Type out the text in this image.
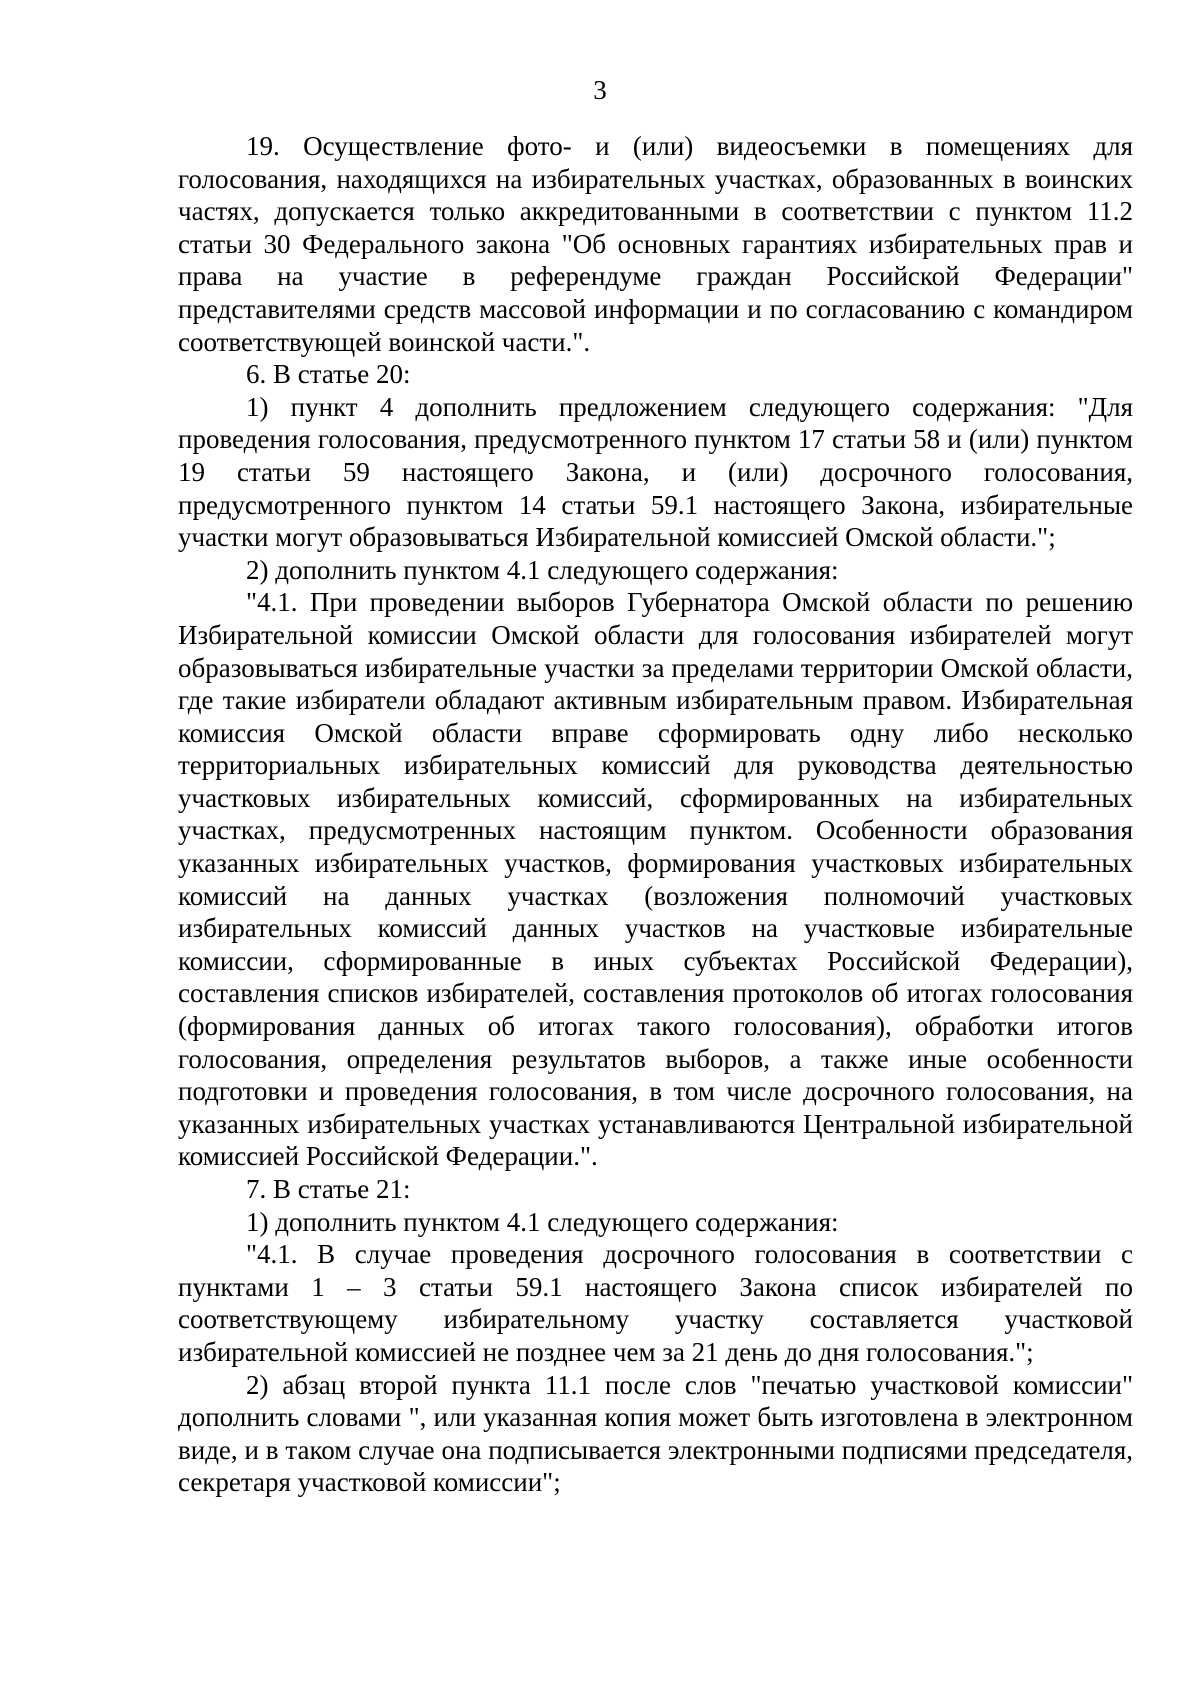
3

19. Осуществление фото- и (или) видеосъемки в помещениях для голосования, находящихся на избирательных участках, образованных в воинских частях, допускается только аккредитованными в соответствии с пунктом 11.2 статьи 30 Федерального закона "Об основных гарантиях избирательных прав и права на участие в референдуме граждан Российской Федерации" представителями средств массовой информации и по согласованию с командиром соответствующей воинской части.".

6. В статье 20:

1) пункт 4 дополнить предложением следующего содержания: "Для проведения голосования, предусмотренного пунктом 17 статьи 58 и (или) пунктом 19 статьи 59 настоящего Закона, и (или) досрочного голосования, предусмотренного пунктом 14 статьи 59.1 настоящего Закона, избирательные участки могут образовываться Избирательной комиссией Омской области.";

2) дополнить пунктом 4.1 следующего содержания:

"4.1. При проведении выборов Губернатора Омской области по решению Избирательной комиссии Омской области для голосования избирателей могут образовываться избирательные участки за пределами территории Омской области, где такие избиратели обладают активным избирательным правом. Избирательная комиссия Омской области вправе сформировать одну либо несколько территориальных избирательных комиссий для руководства деятельностью участковых избирательных комиссий, сформированных на избирательных участках, предусмотренных настоящим пунктом. Особенности образования указанных избирательных участков, формирования участковых избирательных комиссий на данных участках (возложения полномочий участковых избирательных комиссий данных участков на участковые избирательные комиссии, сформированные в иных субъектах Российской Федерации), составления списков избирателей, составления протоколов об итогах голосования (формирования данных об итогах такого голосования), обработки итогов голосования, определения результатов выборов, а также иные особенности подготовки и проведения голосования, в том числе досрочного голосования, на указанных избирательных участках устанавливаются Центральной избирательной комиссией Российской Федерации.".

7. В статье 21:

1) дополнить пунктом 4.1 следующего содержания:

"4.1. В случае проведения досрочного голосования в соответствии с пунктами 1 – 3 статьи 59.1 настоящего Закона список избирателей по соответствующему избирательному участку составляется участковой избирательной комиссией не позднее чем за 21 день до дня голосования.";

2) абзац второй пункта 11.1 после слов "печатью участковой комиссии" дополнить словами ", или указанная копия может быть изготовлена в электронном виде, и в таком случае она подписывается электронными подписями председателя, секретаря участковой комиссии";
